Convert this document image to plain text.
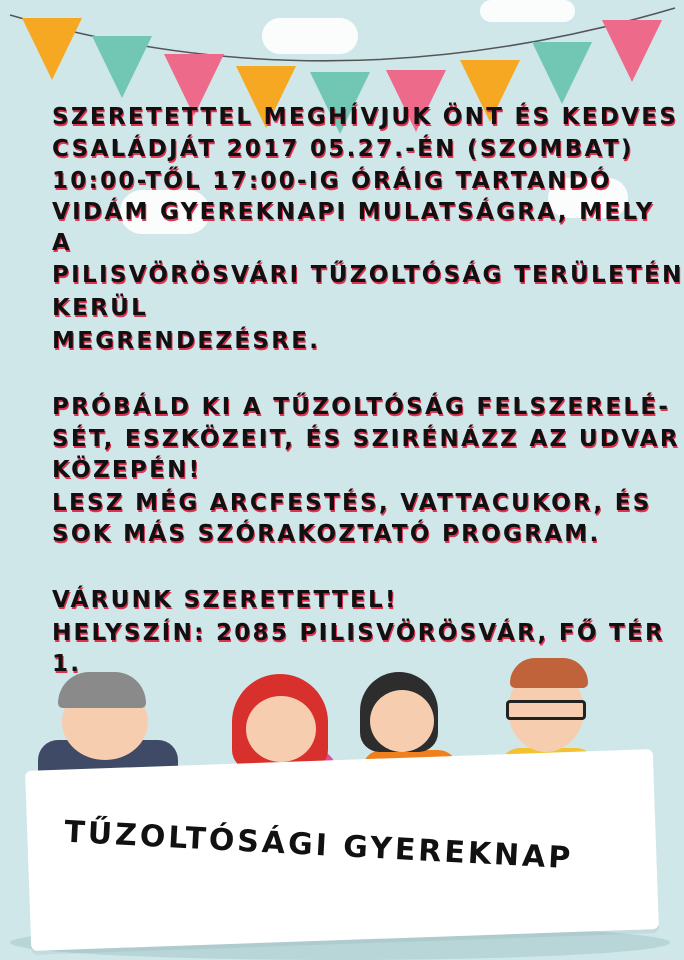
SZERETETTEL MEGHÍVJUK ÖNT ÉS KEDVES
CSALÁDJÁT 2017 05.27.-ÉN (SZOMBAT)
10:00-TŐL 17:00-IG ÓRÁIG TARTANDÓ
VIDÁM GYEREKNAPI MULATSÁGRA, MELY
A
PILISVÖRÖSVÁRI TŰZOLTÓSÁG TERÜLETÉN
KERÜL
MEGRENDEZÉSRE.
PRÓBÁLD KI A TŰZOLTÓSÁG FELSZERELÉ-
SÉT, ESZKÖZEIT, ÉS SZIRÉNÁZZ AZ UDVAR
KÖZEPÉN!
LESZ MÉG ARCFESTÉS, VATTACUKOR, ÉS
SOK MÁS SZÓRAKOZTATÓ PROGRAM.
VÁRUNK SZERETETTEL!
HELYSZÍN: 2085 PILISVÖRÖSVÁR, FŐ TÉR
1.
TŰZOLTÓSÁGI GYEREKNAP
